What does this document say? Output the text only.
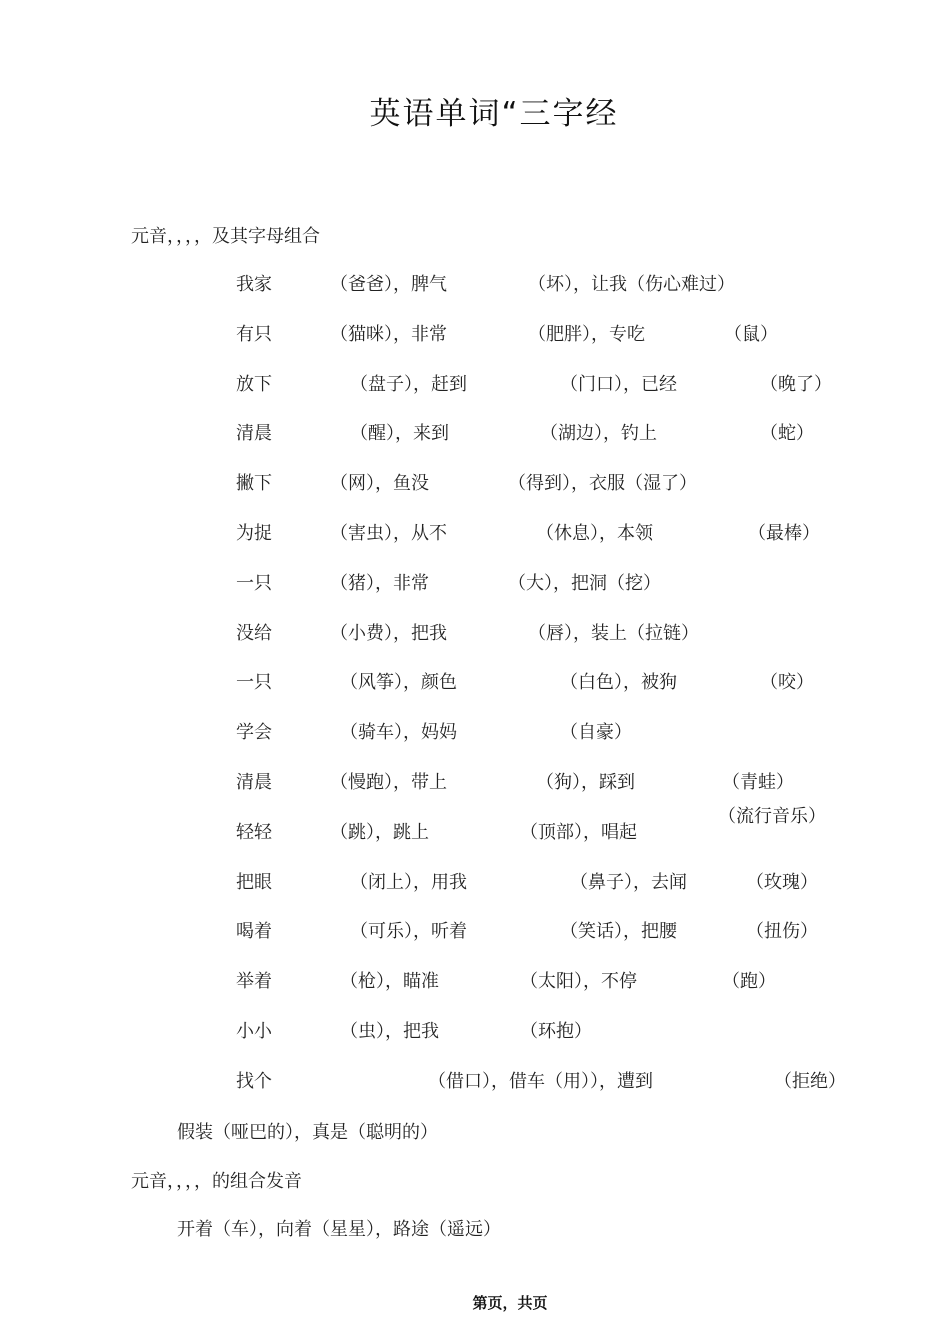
英语单词“三字经
元音，，，，及其字母组合
我家	（爸爸），脾气	（坏），让我（伤心难过）
有只	（猫咪），非常	（肥胖），专吃	（鼠）
放下	（盘子），赶到	（门口），已经	（晚了）
清晨	（醒），来到	（湖边），钓上	（蛇）
撇下	（网），鱼没	（得到），衣服（湿了）
为捉	（害虫），从不	（休息），本领	（最棒）
一只	（猪），非常	（大），把洞（挖）
没给	（小费），把我	（唇），装上（拉链）
一只	（风筝），颜色	（白色），被狗	（咬）
学会	（骑车），妈妈	（自豪）
清晨	（慢跑），带上	（狗），踩到	（青蛙）
轻轻	（跳），跳上	（顶部），唱起
（流行音乐）
把眼	（闭上），用我	（鼻子），去闻	（玫瑰）
喝着	（可乐），听着	（笑话），把腰	（扭伤）
举着	（枪），瞄准	（太阳），不停	（跑）
小小	（虫），把我	（环抱）
找个	（借口），借车（用）），遭到	（拒绝）
假装（哑巴的），真是（聪明的）
元音，，，，的组合发音
开着（车），向着（星星），路途（遥远）
第页，共页
